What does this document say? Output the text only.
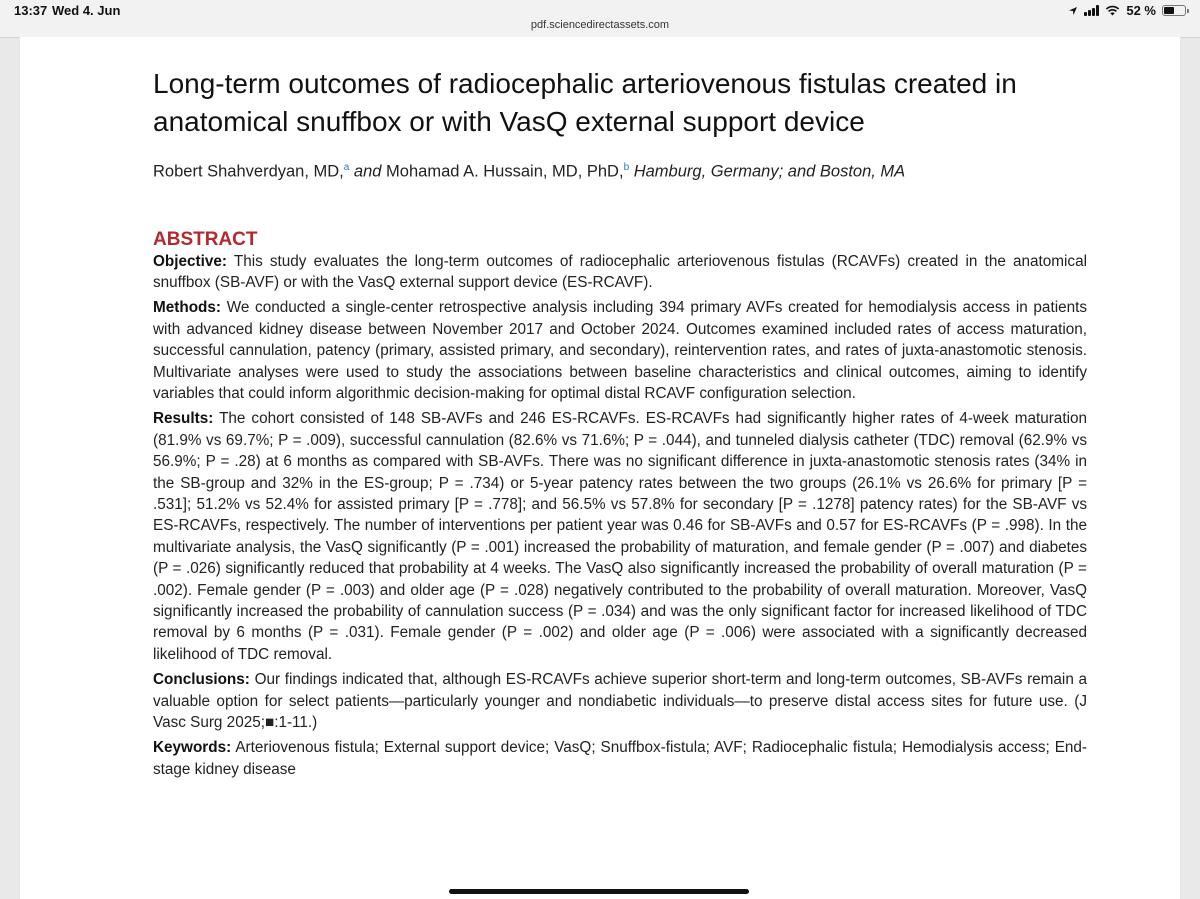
13:37 Wed 4. Jun
pdf.sciencedirectassets.com
52 %
Long-term outcomes of radiocephalic arteriovenous fistulas created in anatomical snuffbox or with VasQ external support device
Robert Shahverdyan, MD,$^a$ and Mohamad A. Hussain, MD, PhD,$^b$ Hamburg, Germany; and Boston, MA
ABSTRACT

Objective: This study evaluates the long-term outcomes of radiocephalic arteriovenous fistulas (RCAVFs) created in the anatomical snuffbox (SB-AVF) or with the VasQ external support device (ES-RCAVF).

Methods: We conducted a single-center retrospective analysis including 394 primary AVFs created for hemodialysis access in patients with advanced kidney disease between November 2017 and October 2024. Outcomes examined included rates of access maturation, successful cannulation, patency (primary, assisted primary, and secondary), reintervention rates, and rates of juxta-anastomotic stenosis. Multivariate analyses were used to study the associations between baseline characteristics and clinical outcomes, aiming to identify variables that could inform algorithmic decision-making for optimal distal RCAVF configuration selection.

Results: The cohort consisted of 148 SB-AVFs and 246 ES-RCAVFs. ES-RCAVFs had significantly higher rates of 4-week maturation (81.9% vs 69.7%; P = .009), successful cannulation (82.6% vs 71.6%; P = .044), and tunneled dialysis catheter (TDC) removal (62.9% vs 56.9%; P = .28) at 6 months as compared with SB-AVFs. There was no significant difference in juxta-anastomotic stenosis rates (34% in the SB-group and 32% in the ES-group; P = .734) or 5-year patency rates between the two groups (26.1% vs 26.6% for primary [P = .531]; 51.2% vs 52.4% for assisted primary [P = .778]; and 56.5% vs 57.8% for secondary [P = .1278] patency rates) for the SB-AVF vs ES-RCAVFs, respectively. The number of interventions per patient year was 0.46 for SB-AVFs and 0.57 for ES-RCAVFs (P = .998). In the multivariate analysis, the VasQ significantly (P = .001) increased the probability of maturation, and female gender (P = .007) and diabetes (P = .026) significantly reduced that probability at 4 weeks. The VasQ also significantly increased the probability of overall maturation (P = .002). Female gender (P = .003) and older age (P = .028) negatively contributed to the probability of overall maturation. Moreover, VasQ significantly increased the probability of cannulation success (P = .034) and was the only significant factor for increased likelihood of TDC removal by 6 months (P = .031). Female gender (P = .002) and older age (P = .006) were associated with a significantly decreased likelihood of TDC removal.

Conclusions: Our findings indicated that, although ES-RCAVFs achieve superior short-term and long-term outcomes, SB-AVFs remain a valuable option for select patients—particularly younger and nondiabetic individuals—to preserve distal access sites for future use. (J Vasc Surg 2025;■:1-11.)

Keywords: Arteriovenous fistula; External support device; VasQ; Snuffbox-fistula; AVF; Radiocephalic fistula; Hemodialysis access; End-stage kidney disease
